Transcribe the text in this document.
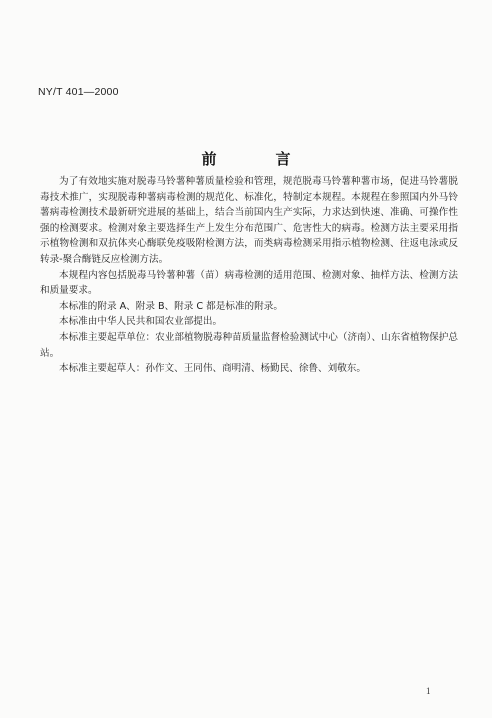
NY/T 401—2000
前　言

为了有效地实施对脱毒马铃薯种薯质量检验和管理，规范脱毒马铃薯种薯市场，促进马铃薯脱毒技术推广，实现脱毒种薯病毒检测的规范化、标准化，特制定本规程。本规程在参照国内外马铃薯病毒检测技术最新研究进展的基础上，结合当前国内生产实际，力求达到快速、准确、可操作性强的检测要求。检测对象主要选择生产上发生分布范围广、危害性大的病毒。检测方法主要采用指示植物检测和双抗体夹心酶联免疫吸附检测方法，而类病毒检测采用指示植物检测、往返电泳或反转录-聚合酶链反应检测方法。

本规程内容包括脱毒马铃薯种薯（苗）病毒检测的适用范围、检测对象、抽样方法、检测方法和质量要求。

本标准的附录 A、附录 B、附录 C 都是标准的附录。

本标准由中华人民共和国农业部提出。

本标准主要起草单位：农业部植物脱毒种苗质量监督检验测试中心（济南）、山东省植物保护总站。

本标准主要起草人：孙作文、王同伟、商明清、杨勤民、徐鲁、刘敬东。

1
